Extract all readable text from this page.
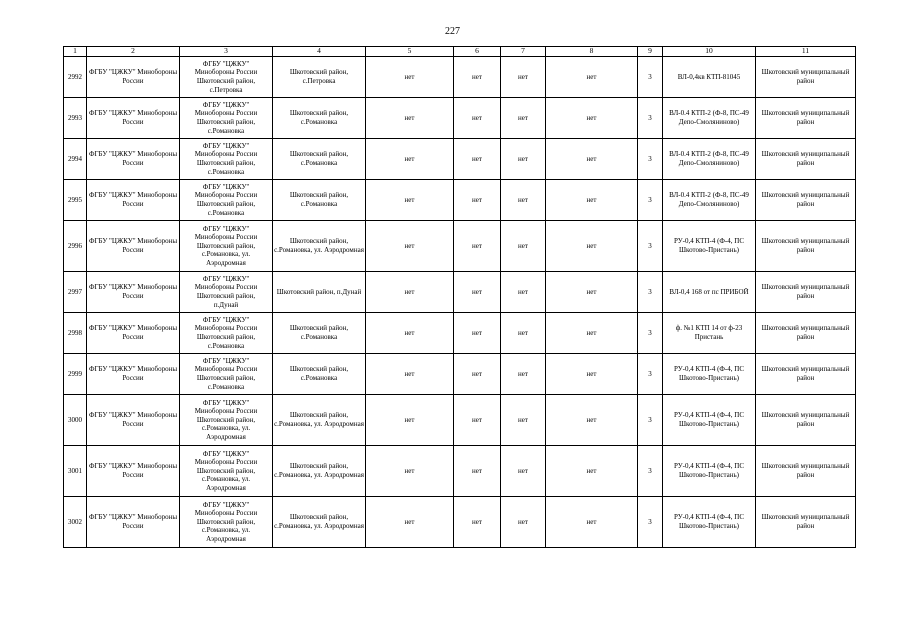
227
1	2	3	4	5	6	7	8	9	10	11

2992	ФГБУ "ЦЖКУ" Минобороны России	ФГБУ "ЦЖКУ"
Минобороны России
Шкотовский район,
с.Петровка	Шкотовский район, с.Петровка	нет	нет	нет	нет	3	ВЛ-0,4кв КТП-81045	Шкотовский муниципальный район

2993	ФГБУ "ЦЖКУ" Минобороны России	ФГБУ "ЦЖКУ"
Минобороны России
Шкотовский район,
с.Романовка	Шкотовский район, с.Романовка	нет	нет	нет	нет	3	ВЛ-0.4 КТП-2 (Ф-8, ПС-49 Депо-Смоляниново)	Шкотовский муниципальный район

2994	ФГБУ "ЦЖКУ" Минобороны России	ФГБУ "ЦЖКУ"
Минобороны России
Шкотовский район,
с.Романовка	Шкотовский район, с.Романовка	нет	нет	нет	нет	3	ВЛ-0.4 КТП-2 (Ф-8, ПС-49 Депо-Смоляниново)	Шкотовский муниципальный район

2995	ФГБУ "ЦЖКУ" Минобороны России	ФГБУ "ЦЖКУ"
Минобороны России
Шкотовский район,
с.Романовка	Шкотовский район, с.Романовка	нет	нет	нет	нет	3	ВЛ-0.4 КТП-2 (Ф-8, ПС-49 Депо-Смоляниново)	Шкотовский муниципальный район

2996	ФГБУ "ЦЖКУ" Минобороны России	ФГБУ "ЦЖКУ"
Минобороны России
Шкотовский район,
с.Романовка, ул.
Аэродромная	Шкотовский район, с.Романовка, ул. Аэродромная	нет	нет	нет	нет	3	РУ-0,4 КТП-4 (Ф-4, ПС Шкотово-Пристань)	Шкотовский муниципальный район

2997	ФГБУ "ЦЖКУ" Минобороны России	ФГБУ "ЦЖКУ"
Минобороны России
Шкотовский район,
п.Дунай	Шкотовский район, п.Дунай	нет	нет	нет	нет	3	ВЛ-0,4 168 от пс ПРИБОЙ	Шкотовский муниципальный район

2998	ФГБУ "ЦЖКУ" Минобороны России	ФГБУ "ЦЖКУ"
Минобороны России
Шкотовский район,
с.Романовка	Шкотовский район, с.Романовка	нет	нет	нет	нет	3	ф. №1 КТП 14 от ф-23 Пристань	Шкотовский муниципальный район

2999	ФГБУ "ЦЖКУ" Минобороны России	ФГБУ "ЦЖКУ"
Минобороны России
Шкотовский район,
с.Романовка	Шкотовский район, с.Романовка	нет	нет	нет	нет	3	РУ-0,4 КТП-4 (Ф-4, ПС Шкотово-Пристань)	Шкотовский муниципальный район

3000	ФГБУ "ЦЖКУ" Минобороны России	ФГБУ "ЦЖКУ"
Минобороны России
Шкотовский район,
с.Романовка, ул.
Аэродромная	Шкотовский район, с.Романовка, ул. Аэродромная	нет	нет	нет	нет	3	РУ-0,4 КТП-4 (Ф-4, ПС Шкотово-Пристань)	Шкотовский муниципальный район

3001	ФГБУ "ЦЖКУ" Минобороны России	ФГБУ "ЦЖКУ"
Минобороны России
Шкотовский район,
с.Романовка, ул.
Аэродромная	Шкотовский район, с.Романовка, ул. Аэродромная	нет	нет	нет	нет	3	РУ-0,4 КТП-4 (Ф-4, ПС Шкотово-Пристань)	Шкотовский муниципальный район

3002	ФГБУ "ЦЖКУ" Минобороны России	ФГБУ "ЦЖКУ"
Минобороны России
Шкотовский район,
с.Романовка, ул.
Аэродромная	Шкотовский район, с.Романовка, ул. Аэродромная	нет	нет	нет	нет	3	РУ-0,4 КТП-4 (Ф-4, ПС Шкотово-Пристань)	Шкотовский муниципальный район
